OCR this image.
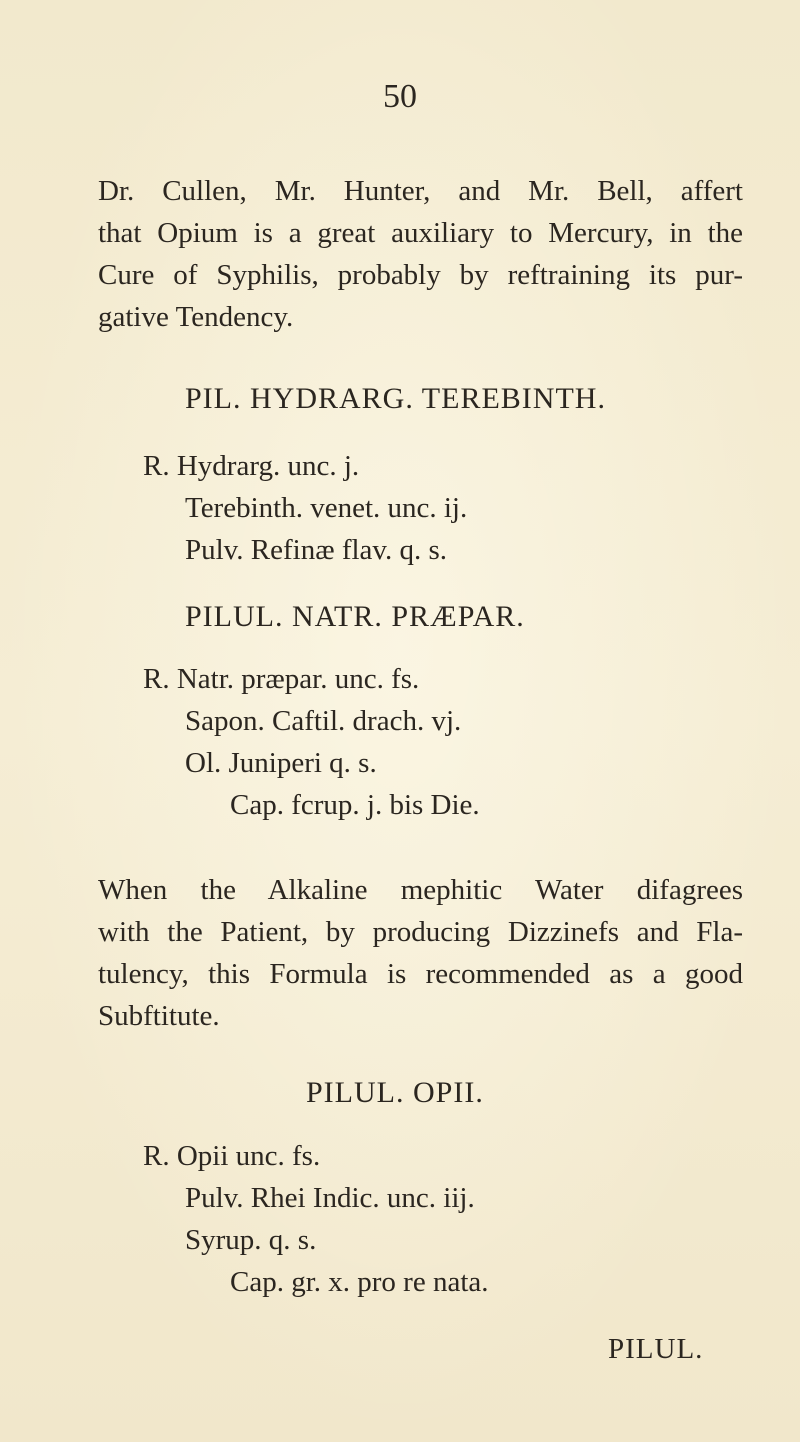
50
Dr. Cullen, Mr. Hunter, and Mr. Bell, affert
that Opium is a great auxiliary to Mercury, in the
Cure of Syphilis, probably by reftraining its pur-
gative Tendency.
PIL. HYDRARG. TEREBINTH.
R. Hydrarg. unc. j.
Terebinth. venet. unc. ij.
Pulv. Refinæ flav. q. s.
PILUL. NATR. PRÆPAR.
R. Natr. præpar. unc. fs.
Sapon. Caftil. drach. vj.
Ol. Juniperi q. s.
Cap. fcrup. j. bis Die.
When the Alkaline mephitic Water difagrees
with the Patient, by producing Dizzinefs and Fla-
tulency, this Formula is recommended as a good
Subftitute.
PILUL. OPII.
R. Opii unc. fs.
Pulv. Rhei Indic. unc. iij.
Syrup. q. s.
Cap. gr. x. pro re nata.
PILUL.
